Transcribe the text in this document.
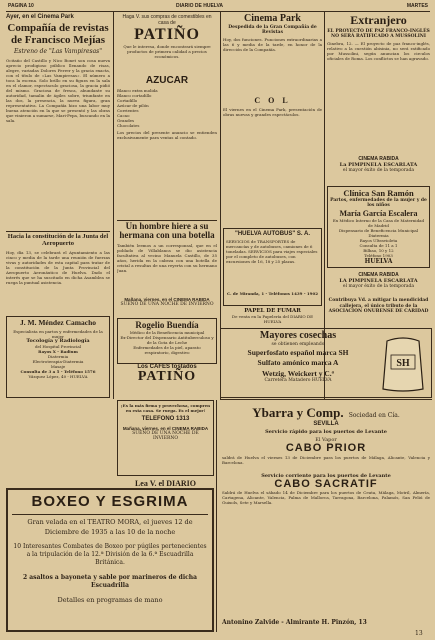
PAGINA 10	DIARIO DE HUELVA	MARTES
Ayer, en el Cinema Park
Compañía de revistas de Francisco Mejías
Estreno de "Las Vampiresas"
Ocitaño del Castillo y Nico Bonet son cosa nueva aprecio prodigioso público llenando de risas, alegre, variadas Dolores Ferrer y la gracia exacta, con el título de «Las Vampiresas». El número a toca la escena. Solo brillo en su figura en la sala en el clamor, espectaculo graciosa, la gracia pidió del mismo. Graciosa de fresca, abundante su autoridad, tamalin de ágiles sobre, triunfante en las dos, la presencia, la nueva figura, gran representativa. La Compañía hizo una labor muy buena atención en la que se presentó y las obras que vinieron a sumarse, Mari-Pepa, buscando en la sala.
Hacia la constitución de la Junta del Aeropuerto
Hoy, día 13, se celebrará el Ayuntamiento a las cinco y media de la tarde una reunión de fuerzas vivas y autoridades de esta capital para tratar de la constitución de la Junta Provincial del Aeropuerto Aeronáutico de Huelva. Dado el interés que se ha suscitado en dicha Asamblea se ruega la puntual asistencia.
J. M. Méndez Camacho
Especialista en partos y enfermedades de la mujer
Tocología y Radiología
del Hospital Provincial
Rayos X - Radium
Diatermia
Electroterapia-Diatermia
Masaje
Consulta de 3 a 5 - Teléfono 1576
Vázquez López, 40 - HUELVA
Haga V. sus compras de comestibles en casa de
PATIÑO
Que le interesa, donde encontrará siempre productos de primera calidad a precios económicos.
AZUCAR
Blanco extra molida
Blanco cortadillo
Cortadillo
Azúcar de pilón
Corrientes
Cacao
Grandes
Chocolates
Los precios del presente anuncio se entienden exclusivamente para ventas al contado.
Un hombre hiere a su hermana con una botella
También leemos a un corresponsal, que en el poblado de Villablanca se dio asistencia facultativa al vecino Manuela Castillo, de 35 años, herida en la cabeza con una botella de cristal a resultas de una reyerta con su hermano Juan.
Mañana, viernes, en el CINEMA RABIDA
SUEÑO DE UNA NOCHE DE INVIERNO
Rogelio Buendía
Médico de la Beneficencia municipal
Ex-Director del Dispensario Antituberculoso y de la Gota de Leche
Enfermedades de la piel, aparato respiratorio, digestivo
Los CAFES tostados
PATIÑO
¡Es la más firma y provechosa, compren en esta casa. Se ruega. Es el mejor!
TELEFONO 1313
Mañana, viernes, en el CINEMA RABIDA
SUEÑO DE UNA NOCHE DE INVIERNO
Lea V. el DIARIO
Cinema Park
Despedida de la Gran Compañía de Revistas
Hoy, dos funciones. Funciones extraordinarias a las 6 y media de la tarde, en honor de la dirección de la Compañía.
C O L
El viernes en el Cinema Park, presentación de obras nuevas y grandes espectáculos.
"HUELVA AUTOBUS" S. A.
SERVICIOS de TRANSPORTES de mercancías y de autobuses, camiones de 6 toneladas. SERVICIOS para viajes especiales por el completo de autobuses, con excursiones de 16, 18 y 25 plazas.
C. de Miranda, 1 - Teléfonos 1439 - 1902
PAPEL DE FUMAR
De venta en la Papelería del DIARIO DE HUELVA
Mayores cosechas
se obtienen empleando
Superfosfato español marca SH
Sulfato amónico marca A
Wetzig, Weickert y C.ª
Carretera Matadero HUELVA
SH
Extranjero
EL PROYECTO DE PAZ FRANCO-INGLÉS NO SERÁ RATIFICADO A MUSSOLINI
Ginebra, 12. — El proyecto de paz franco-inglés, relativo a la cuestión abisinia, no será ratificado por Mussolini, según anuncian los circulos oficiales de Roma. Los conflictos se han agravado.
CINEMA RABIDA
La PIMPINELA ESCARLATA
el mayor éxito de la temporada
Clínica San Ramón
Partos, enfermedades de la mujer y de los niños
María García Escalera
Ex Médico Interno de la Casa de Maternidad de Madrid
Dispensario de Beneficencia Municipal
Diatermia
Rayos Ultravioleta
Consulta de 11 a 1
Bilbao, 10 y 12
Teléfono 1903
HUELVA
CINEMA RABIDA
LA PIMPINELA ESCARLATA
el mayor éxito de la temporada
Contribuya Vd. a mitigar la mendicidad callejera, el único tributo de la ASOCIACION ONUBENSE DE CARIDAD
Ybarra y Comp. Sociedad en Cía.
SEVILLA
Servicio rápido para los puertos de Levante
El Vapor
CABO PRIOR
saldrá de Huelva el viernes 13 de Diciembre para los puertos de Málaga, Alicante, Valencia y Barcelona.
Servicio corriente para los puertos de Levante
CABO SACRATIF
Saldrá de Huelva el sábado 14 de Diciembre para los puertos de Ceuta, Málaga, Motril, Almería, Cartagena, Alicante, Valencia, Palma de Mallorca, Tarragona, Barcelona, Palamós, San Feliú de Guixols, Sete y Marsella.
Antonino Zalvide - Almirante H. Pinzón, 13
BOXEO Y ESGRIMA
Gran velada en el TEATRO MORA, el jueves 12 de
Diciembre de 1935 a las 10 de la noche
10 Interesantes Combates de Boxeo por púgiles pertenecientes a la tripulación de la 12.ª División de la 6.ª Escuadrilla Británica.
2 asaltos a bayoneta y sable por marineros de dicha Escuadrilla
Detalles en programas de mano
13
